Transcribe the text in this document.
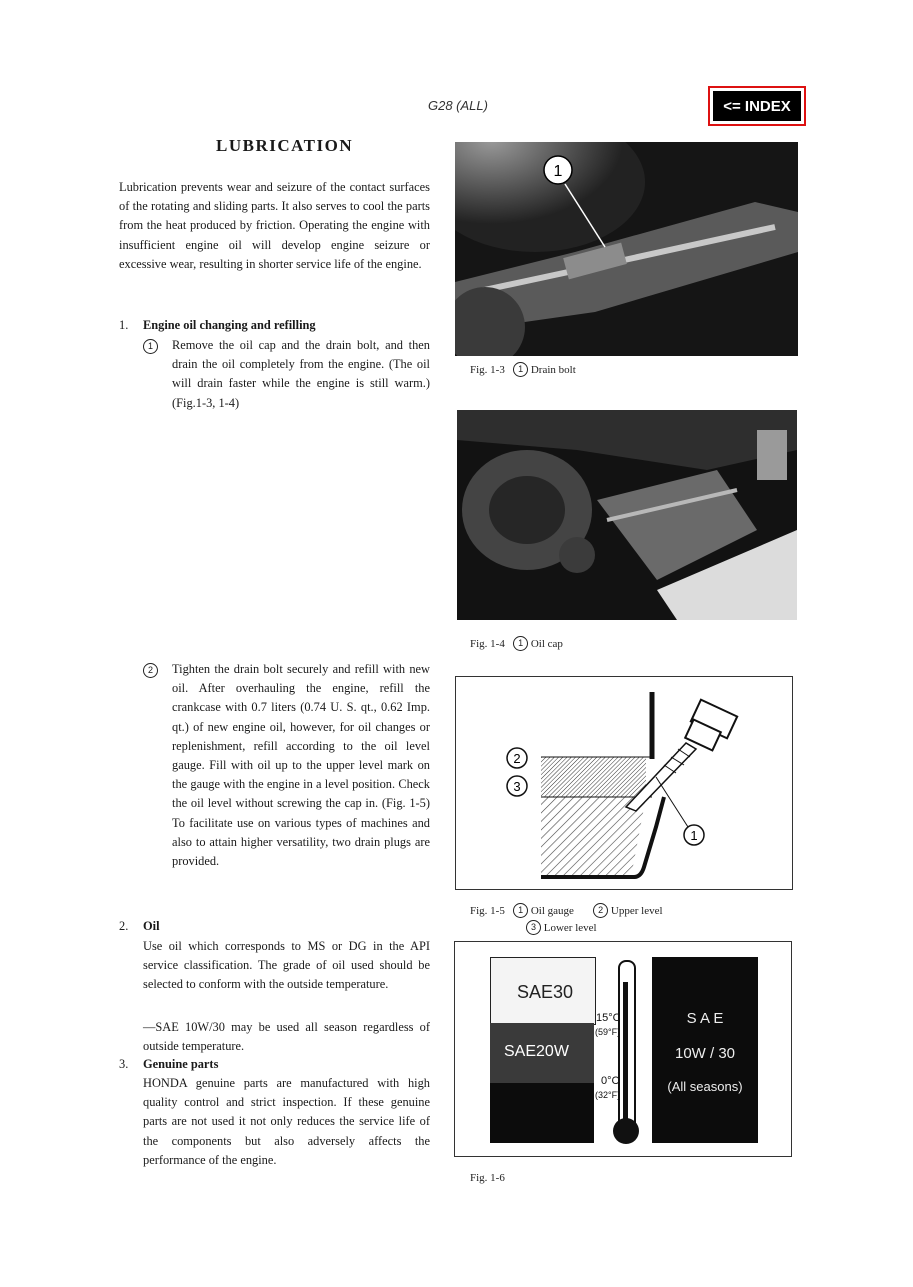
G28 (ALL)	<= INDEX
LUBRICATION
Lubrication prevents wear and seizure of the contact surfaces of the rotating and sliding parts. It also serves to cool the parts from the heat produced by friction. Operating the engine with insufficient engine oil will develop engine seizure or excessive wear, resulting in shorter service life of the engine.
1. Engine oil changing and refilling
1	Remove the oil cap and the drain bolt, and then drain the oil completely from the engine. (The oil will drain faster while the engine is still warm.) (Fig.1-3, 1-4)
2	Tighten the drain bolt securely and refill with new oil. After overhauling the engine, refill the crankcase with 0.7 liters (0.74 U. S. qt., 0.62 Imp. qt.) of new engine oil, however, for oil changes or replenishment, refill according to the oil level gauge. Fill with oil up to the upper level mark on the gauge with the engine in a level position. Check the oil level without screwing the cap in. (Fig. 1-5) To facilitate use on various types of machines and also to attain higher versatility, two drain plugs are provided.
2. Oil
Use oil which corresponds to MS or DG in the API service classification. The grade of oil used should be selected to conform with the outside temperature.
—SAE 10W/30 may be used all season regardless of outside temperature.
3. Genuine parts
HONDA genuine parts are manufactured with high quality control and strict inspection. If these genuine parts are not used it not only reduces the service life of the components but also adversely affects the performance of the engine.
1
Fig. 1-3 1 Drain bolt
Fig. 1-4 1 Oil cap
2
3
1
Fig. 1-5 1 Oil gauge	2 Upper level
3 Lower level
SAE30
SAE20W
15°C
(59°F)
0°C
(32°F)
S A E
10W / 30
(All seasons)
Fig. 1-6
